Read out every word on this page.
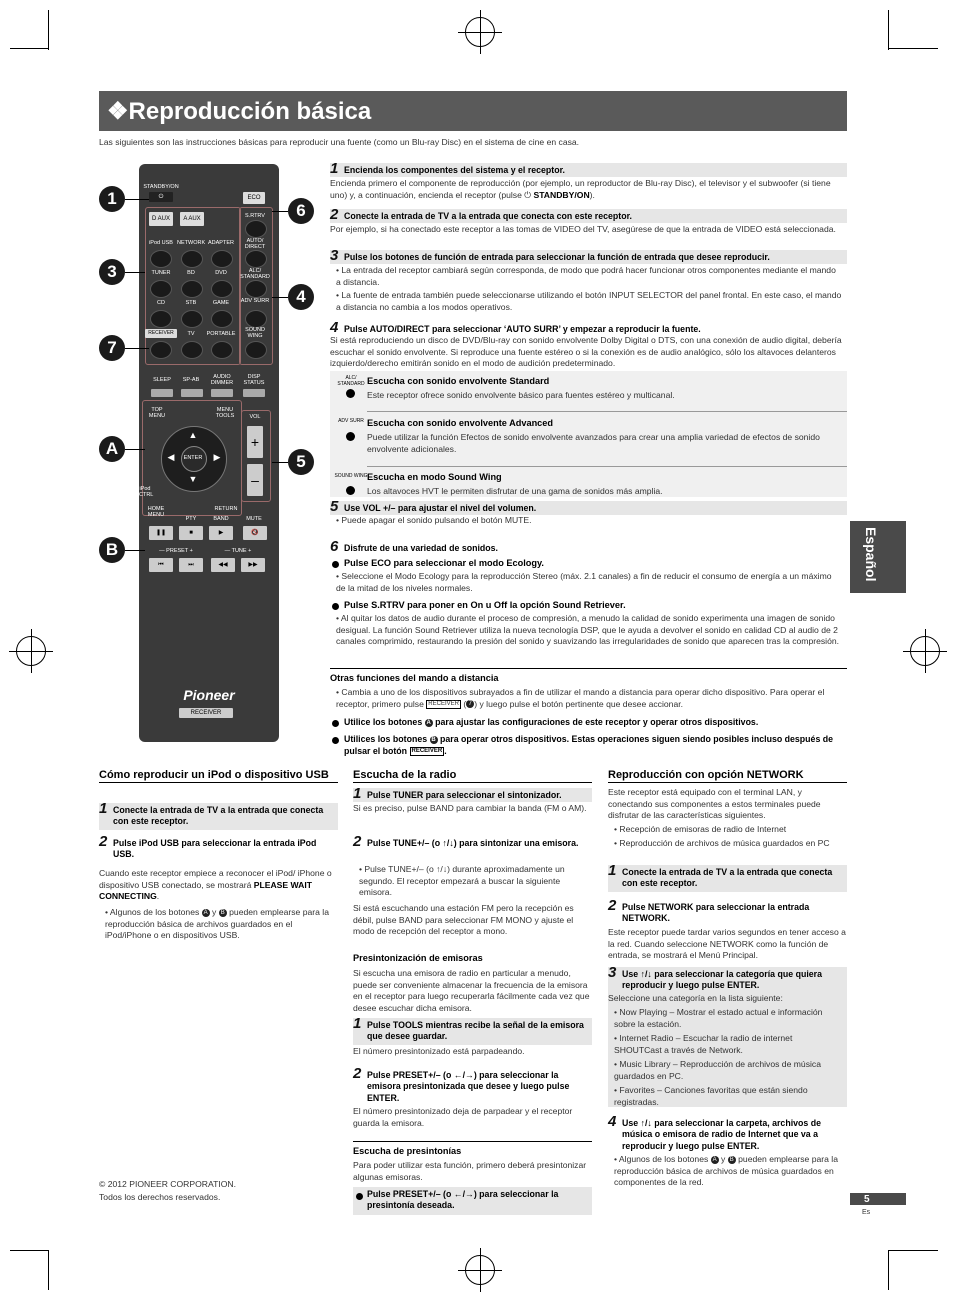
❖Reproducción básica
Las siguientes son las instrucciones básicas para reproducir una fuente (como un Blu-ray Disc) en el sistema de cine en casa.
Español
STANDBY/ON
⏻	ECO
D AUX	A AUX	S.RTRV
iPod USB NETWORK ADAPTER	AUTO/ DIRECT
TUNER	BD	DVD	ALC/ STANDARD
CD	STB	GAME	ADV SURR
RECEIVER	TV	PORTABLE
SOUND WING
SLEEP	SP-AB	AUDIO DIMMER
DISP STATUS
TOP MENU
MENU TOOLS	VOL
ENTER
▲
▼
◀	▶
+
–
iPod CTRL
HOME MENU
RETURN
PTY	BAND	MUTE
❚❚	■	▶	🔇
— PRESET +	— TUNE +
⏮	⏭	◀◀	▶▶
Pioneer
RECEIVER
1
3
7
A
B
6
4
5
1 Encienda los componentes del sistema y el receptor.
Encienda primero el componente de reproducción (por ejemplo, un reproductor de Blu-ray Disc), el televisor y el subwoofer (si tiene uno) y, a continuación, encienda el receptor (pulse ⏻ STANDBY/ON).
2 Conecte la entrada de TV a la entrada que conecta con este receptor.
Por ejemplo, si ha conectado este receptor a las tomas de VIDEO del TV, asegúrese de que la entrada de VIDEO está seleccionada.
3 Pulse los botones de función de entrada para seleccionar la función de entrada que desee reproducir.
• La entrada del receptor cambiará según corresponda, de modo que podrá hacer funcionar otros componentes mediante el mando a distancia.
• La fuente de entrada también puede seleccionarse utilizando el botón INPUT SELECTOR del panel frontal. En este caso, el mando a distancia no cambia a los modos operativos.
4 Pulse AUTO/DIRECT para seleccionar ‘AUTO SURR’ y empezar a reproducir la fuente.
Si está reproduciendo un disco de DVD/Blu-ray con sonido envolvente Dolby Digital o DTS, con una conexión de audio digital, debería escuchar el sonido envolvente. Si reproduce una fuente estéreo o si la conexión es de audio analógico, sólo los altavoces delanteros izquierdo/derecho emitirán sonido en el modo de audición predeterminado.
ALC/ STANDARD Escucha con sonido envolvente Standard
Este receptor ofrece sonido envolvente básico para fuentes estéreo y multicanal.
ADV SURR Escucha con sonido envolvente Advanced
Puede utilizar la función Efectos de sonido envolvente avanzados para crear una amplia variedad de efectos de sonido envolvente adicionales.
SOUND WING Escucha en modo Sound Wing
Los altavoces HVT le permiten disfrutar de una gama de sonidos más amplia.
5 Use VOL +/– para ajustar el nivel del volumen.
• Puede apagar el sonido pulsando el botón MUTE.
6 Disfrute de una variedad de sonidos.
Pulse ECO para seleccionar el modo Ecology.
• Seleccione el Modo Ecology para la reproducción Stereo (máx. 2.1 canales) a fin de reducir el consumo de energía a un máximo de la mitad de los niveles normales.
Pulse S.RTRV para poner en On u Off la opción Sound Retriever.
• Al quitar los datos de audio durante el proceso de compresión, a menudo la calidad de sonido experimenta una imagen de sonido desigual. La función Sound Retriever utiliza la nueva tecnología DSP, que le ayuda a devolver el sonido en calidad CD al audio de 2 canales comprimido, restaurando la presión del sonido y suavizando las irregularidades de sonido que aparecen tras la compresión.
Otras funciones del mando a distancia
• Cambia a uno de los dispositivos subrayados a fin de utilizar el mando a distancia para operar dicho dispositivo. Para operar el receptor, primero pulse RECEIVER ( 7 ) y luego pulse el botón pertinente que desee accionar.
Utilice los botones A para ajustar las configuraciones de este receptor y operar otros dispositivos.
Utilices los botones B para operar otros dispositivos. Estas operaciones siguen siendo posibles incluso después de pulsar el botón RECEIVER .
Cómo reproducir un iPod o dispositivo USB
1 Conecte la entrada de TV a la entrada que conecta con este receptor.
2 Pulse iPod USB para seleccionar la entrada iPod USB.
Cuando este receptor empiece a reconocer el iPod/ iPhone o dispositivo USB conectado, se mostrará PLEASE WAIT CONNECTING.
• Algunos de los botones A y B pueden emplearse para la reproducción básica de archivos guardados en el iPod/iPhone o en dispositivos USB.
Escucha de la radio
1 Pulse TUNER para seleccionar el sintonizador.
Si es preciso, pulse BAND para cambiar la banda (FM o AM).
2 Pulse TUNE+/– (o ↑/↓) para sintonizar una emisora.
• Pulse TUNE+/– (o ↑/↓) durante aproximadamente un segundo. El receptor empezará a buscar la siguiente emisora.
Si está escuchando una estación FM pero la recepción es débil, pulse BAND para seleccionar FM MONO y ajuste el modo de recepción del receptor a mono.
Presintonización de emisoras
Si escucha una emisora de radio en particular a menudo, puede ser conveniente almacenar la frecuencia de la emisora en el receptor para luego recuperarla fácilmente cada vez que desee escuchar dicha emisora.
1 Pulse TOOLS mientras recibe la señal de la emisora que desee guardar.
El número presintonizado está parpadeando.
2 Pulse PRESET+/– (o ←/→) para seleccionar la emisora presintonizada que desee y luego pulse ENTER.
El número presintonizado deja de parpadear y el receptor guarda la emisora.
Escucha de presintonías
Para poder utilizar esta función, primero deberá presintonizar algunas emisoras.
Pulse PRESET+/– (o ←/→) para seleccionar la presintonía deseada.
Reproducción con opción NETWORK
Este receptor está equipado con el terminal LAN, y conectando sus componentes a estos terminales puede disfrutar de las características siguientes.
• Recepción de emisoras de radio de Internet
• Reproducción de archivos de música guardados en PC
1 Conecte la entrada de TV a la entrada que conecta con este receptor.
2 Pulse NETWORK para seleccionar la entrada NETWORK.
Este receptor puede tardar varios segundos en tener acceso a la red. Cuando seleccione NETWORK como la función de entrada, se mostrará el Menú Principal.
3 Use ↑/↓ para seleccionar la categoría que quiera reproducir y luego pulse ENTER.
Seleccione una categoría en la lista siguiente:
• Now Playing – Mostrar el estado actual e información sobre la estación.
• Internet Radio – Escuchar la radio de internet SHOUTCast a través de Network.
• Music Library – Reproducción de archivos de música guardados en PC.
• Favorites – Canciones favoritas que están siendo registradas.
4 Use ↑/↓ para seleccionar la carpeta, archivos de música o emisora de radio de Internet que va a reproducir y luego pulse ENTER.
• Algunos de los botones A y B pueden emplearse para la reproducción básica de archivos de música guardados en componentes de la red.
© 2012 PIONEER CORPORATION.
Todos los derechos reservados.	5
Es
